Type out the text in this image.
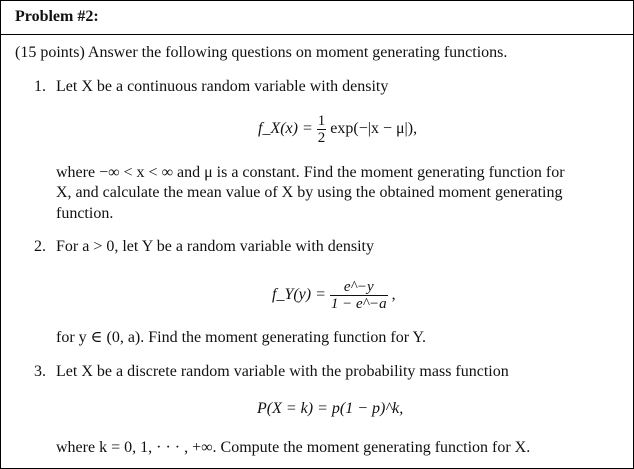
Problem #2:
(15 points) Answer the following questions on moment generating functions.
1. Let X be a continuous random variable with density
f_X(x) = $\frac{1}{2} \exp(-|x - \mu|)$,
where −∞ < x < ∞ and μ is a constant. Find the moment generating function for
X, and calculate the mean value of X by using the obtained moment generating
function.
2. For a > 0, let Y be a random variable with density
f_Y(y) = $\frac{e\^{}-y}{1 - e\^{}-a}$ ,
for y ∈ (0, a). Find the moment generating function for Y.
3. Let X be a discrete random variable with the probability mass function
P(X = k) = p(1 − p)^k,
where k = 0, 1, · · · , +∞. Compute the moment generating function for X.
